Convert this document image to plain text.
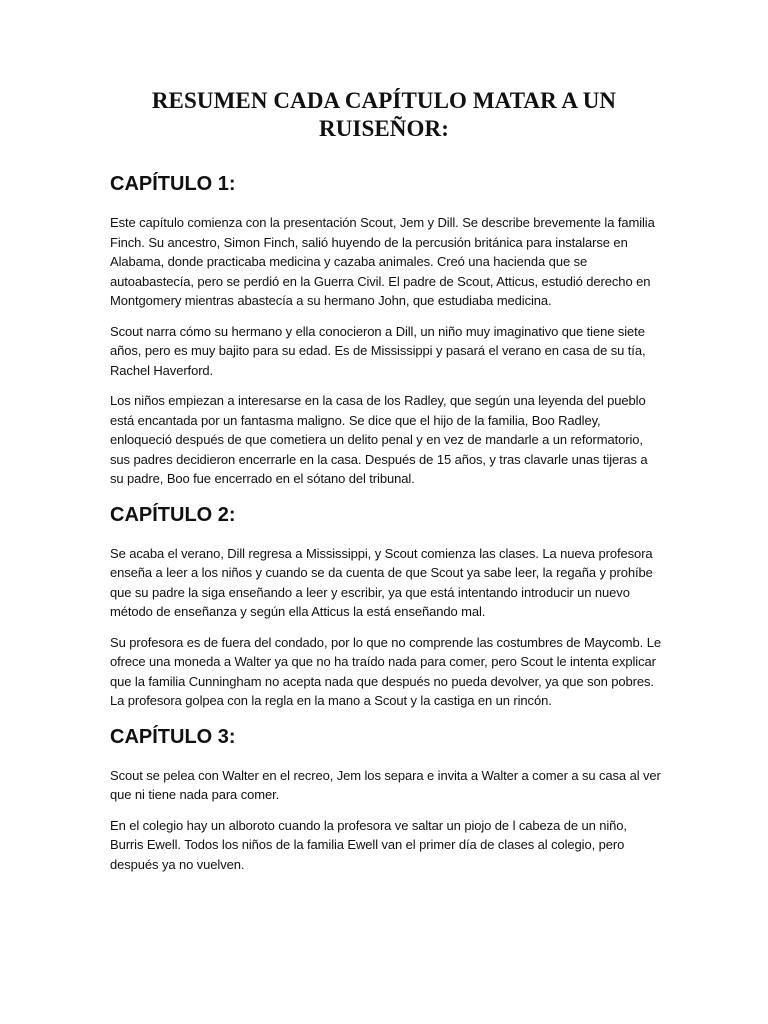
RESUMEN CADA CAPÍTULO MATAR A UN RUISEÑOR:
CAPÍTULO 1:

Este capítulo comienza con la presentación Scout, Jem y Dill. Se describe brevemente la familia Finch. Su ancestro, Simon Finch, salió huyendo de la percusión británica para instalarse en Alabama, donde practicaba medicina y cazaba animales. Creó una hacienda que se autoabastecía, pero se perdió en la Guerra Civil. El padre de Scout, Atticus, estudió derecho en Montgomery mientras abastecía a su hermano John, que estudiaba medicina.

Scout narra cómo su hermano y ella conocieron a Dill, un niño muy imaginativo que tiene siete años, pero es muy bajito para su edad. Es de Mississippi y pasará el verano en casa de su tía, Rachel Haverford.

Los niños empiezan a interesarse en la casa de los Radley, que según una leyenda del pueblo está encantada por un fantasma maligno. Se dice que el hijo de la familia, Boo Radley, enloqueció después de que cometiera un delito penal y en vez de mandarle a un reformatorio, sus padres decidieron encerrarle en la casa. Después de 15 años, y tras clavarle unas tijeras a su padre, Boo fue encerrado en el sótano del tribunal.

CAPÍTULO 2:

Se acaba el verano, Dill regresa a Mississippi, y Scout comienza las clases. La nueva profesora enseña a leer a los niños y cuando se da cuenta de que Scout ya sabe leer, la regaña y prohíbe que su padre la siga enseñando a leer y escribir, ya que está intentando introducir un nuevo método de enseñanza y según ella Atticus la está enseñando mal.

Su profesora es de fuera del condado, por lo que no comprende las costumbres de Maycomb. Le ofrece una moneda a Walter ya que no ha traído nada para comer, pero Scout le intenta explicar que la familia Cunningham no acepta nada que después no pueda devolver, ya que son pobres. La profesora golpea con la regla en la mano a Scout y la castiga en un rincón.

CAPÍTULO 3:

Scout se pelea con Walter en el recreo, Jem los separa e invita a Walter a comer a su casa al ver que ni tiene nada para comer.

En el colegio hay un alboroto cuando la profesora ve saltar un piojo de l cabeza de un niño, Burris Ewell. Todos los niños de la familia Ewell van el primer día de clases al colegio, pero después ya no vuelven.
